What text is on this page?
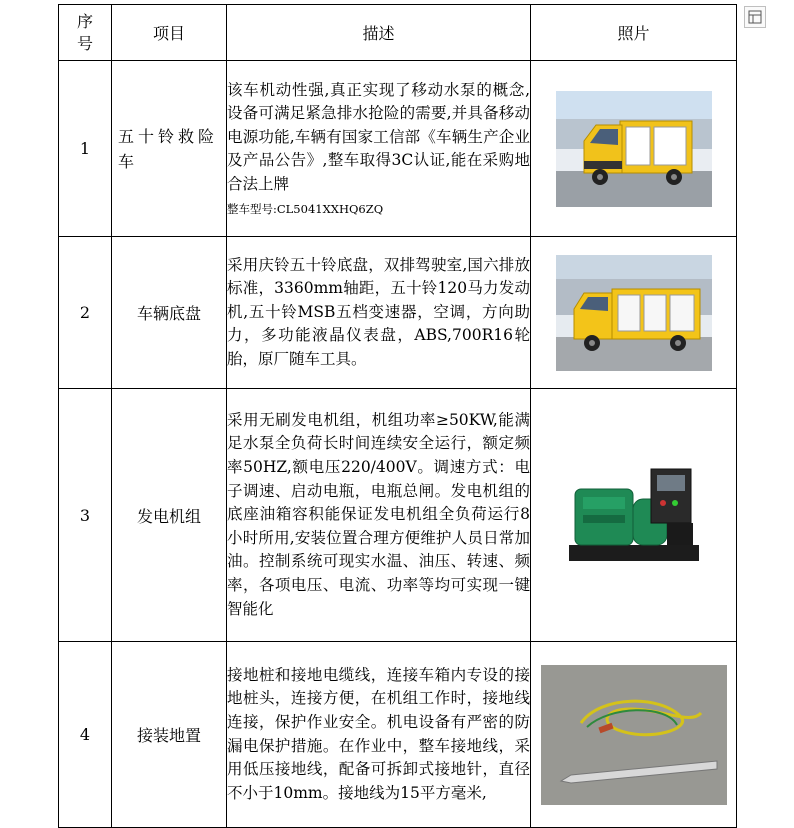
序号	项目	描述	照片
1	五十铃救险车	该车机动性强,真正实现了移动水泵的概念,设备可满足紧急排水抢险的需要,并具备移动电源功能,车辆有国家工信部《车辆生产企业及产品公告》,整车取得3C认证,能在采购地合法上牌
整车型号:CL5041XXHQ6ZQ

2	车辆底盘	采用庆铃五十铃底盘，双排驾驶室,国六排放标准，3360mm轴距，五十铃120马力发动机,五十铃MSB五档变速器，空调，方向助力，多功能液晶仪表盘，ABS,700R16轮胎，原厂随车工具。	

3	发电机组	采用无刷发电机组，机组功率≥50KW,能满足水泵全负荷长时间连续安全运行，额定频率50HZ,额电压220/400V。调速方式：电子调速、启动电瓶，电瓶总闸。发电机组的底座油箱容积能保证发电机组全负荷运行8小时所用,安装位置合理方便维护人员日常加油。控制系统可现实水温、油压、转速、频率，各项电压、电流、功率等均可实现一键智能化	

4	接装地置	接地桩和接地电缆线，连接车箱内专设的接地桩头，连接方便，在机组工作时，接地线连接，保护作业安全。机电设备有严密的防漏电保护措施。在作业中，整车接地线，采用低压接地线，配备可拆卸式接地针，直径不小于10mm。接地线为15平方毫米,	
